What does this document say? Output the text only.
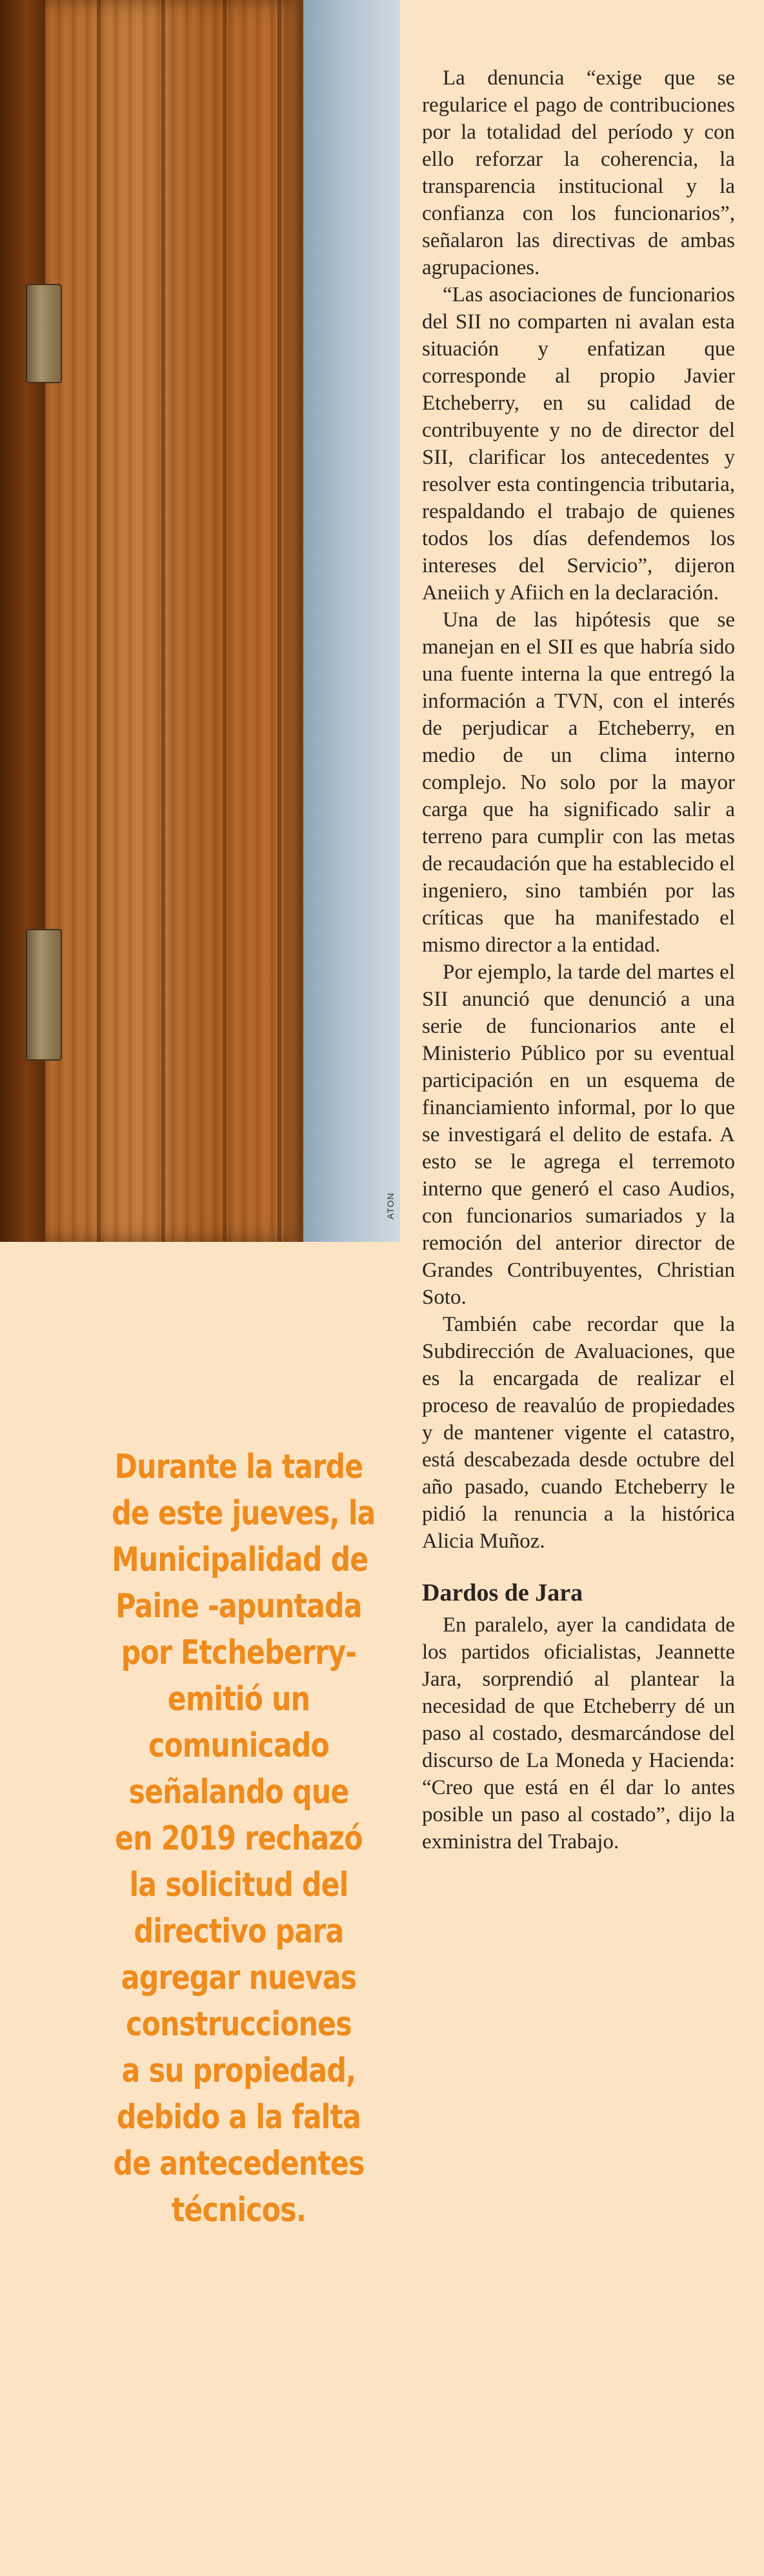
ATON
Durante la tarde
de este jueves, la
Municipalidad de
Paine -apuntada
por Etcheberry-
emitió un
comunicado
señalando que
en 2019 rechazó
la solicitud del
directivo para
agregar nuevas
construcciones
a su propiedad,
debido a la falta
de antecedentes
técnicos.

La denuncia “exige que se regularice el pago de contribuciones por la totalidad del período y con ello reforzar la coherencia, la transparencia institucional y la confianza con los funcionarios”, señalaron las directivas de ambas agrupaciones.

“Las asociaciones de funcionarios del SII no comparten ni avalan esta situación y enfatizan que corresponde al propio Javier Etcheberry, en su calidad de contribuyente y no de director del SII, clarificar los antecedentes y resolver esta contingencia tributaria, respaldando el trabajo de quienes todos los días defendemos los intereses del Servicio”, dijeron Aneiich y Afiich en la declaración.

Una de las hipótesis que se manejan en el SII es que habría sido una fuente interna la que entregó la información a TVN, con el interés de perjudicar a Etcheberry, en medio de un clima interno complejo. No solo por la mayor carga que ha significado salir a terreno para cumplir con las metas de recaudación que ha establecido el ingeniero, sino también por las críticas que ha manifestado el mismo director a la entidad.

Por ejemplo, la tarde del martes el SII anunció que denunció a una serie de funcionarios ante el Ministerio Público por su eventual participación en un esquema de financiamiento informal, por lo que se investigará el delito de estafa. A esto se le agrega el terremoto interno que generó el caso Audios, con funcionarios sumariados y la remoción del anterior director de Grandes Contribuyentes, Christian Soto.

También cabe recordar que la Subdirección de Avaluaciones, que es la encargada de realizar el proceso de reavalúo de propiedades y de mantener vigente el catastro, está descabezada desde octubre del año pasado, cuando Etcheberry le pidió la renuncia a la histórica Alicia Muñoz.

Dardos de Jara

En paralelo, ayer la candidata de los partidos oficialistas, Jeannette Jara, sorprendió al plantear la necesidad de que Etcheberry dé un paso al costado, desmarcándose del discurso de La Moneda y Hacienda: “Creo que está en él dar lo antes posible un paso al costado”, dijo la exministra del Trabajo.
